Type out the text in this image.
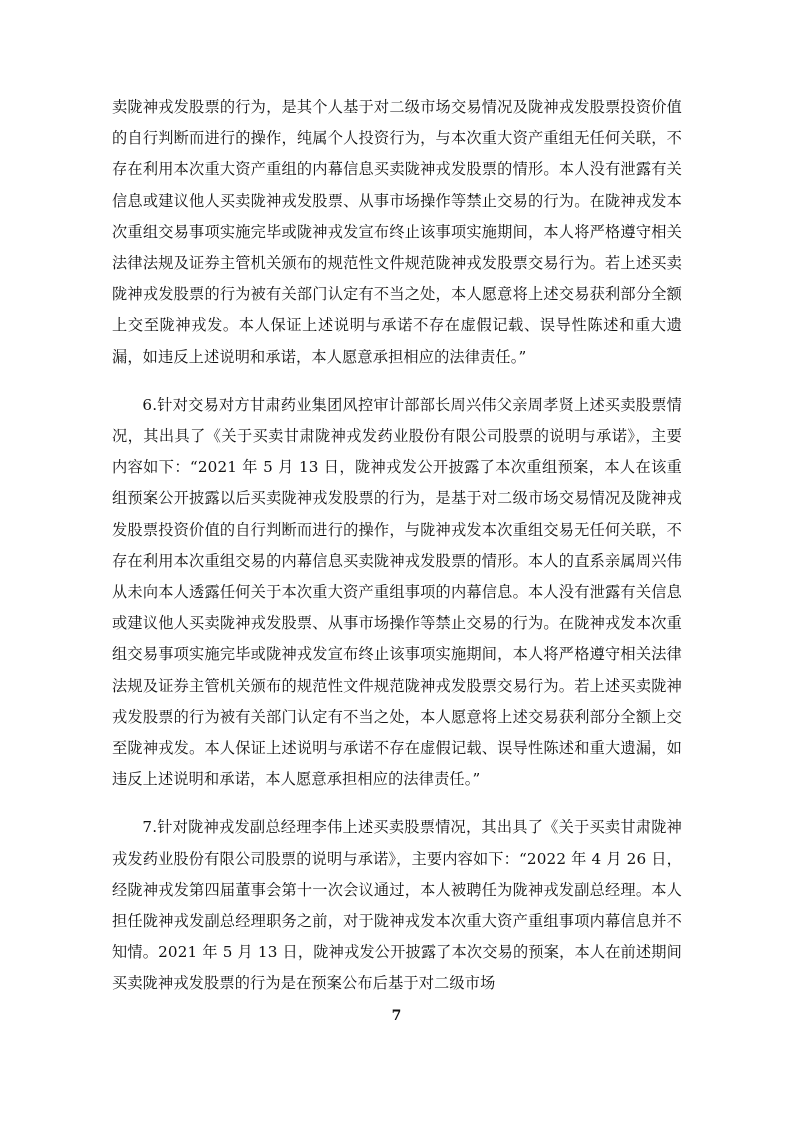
卖陇神戎发股票的行为，是其个人基于对二级市场交易情况及陇神戎发股票投资价值的自行判断而进行的操作，纯属个人投资行为，与本次重大资产重组无任何关联，不存在利用本次重大资产重组的内幕信息买卖陇神戎发股票的情形。本人没有泄露有关信息或建议他人买卖陇神戎发股票、从事市场操作等禁止交易的行为。在陇神戎发本次重组交易事项实施完毕或陇神戎发宣布终止该事项实施期间，本人将严格遵守相关法律法规及证券主管机关颁布的规范性文件规范陇神戎发股票交易行为。若上述买卖陇神戎发股票的行为被有关部门认定有不当之处，本人愿意将上述交易获利部分全额上交至陇神戎发。本人保证上述说明与承诺不存在虚假记载、误导性陈述和重大遗漏，如违反上述说明和承诺，本人愿意承担相应的法律责任。”

6.针对交易对方甘肃药业集团风控审计部部长周兴伟父亲周孝贤上述买卖股票情况，其出具了《关于买卖甘肃陇神戎发药业股份有限公司股票的说明与承诺》，主要内容如下：“2021 年 5 月 13 日，陇神戎发公开披露了本次重组预案，本人在该重组预案公开披露以后买卖陇神戎发股票的行为，是基于对二级市场交易情况及陇神戎发股票投资价值的自行判断而进行的操作，与陇神戎发本次重组交易无任何关联，不存在利用本次重组交易的内幕信息买卖陇神戎发股票的情形。本人的直系亲属周兴伟从未向本人透露任何关于本次重大资产重组事项的内幕信息。本人没有泄露有关信息或建议他人买卖陇神戎发股票、从事市场操作等禁止交易的行为。在陇神戎发本次重组交易事项实施完毕或陇神戎发宣布终止该事项实施期间，本人将严格遵守相关法律法规及证券主管机关颁布的规范性文件规范陇神戎发股票交易行为。若上述买卖陇神戎发股票的行为被有关部门认定有不当之处，本人愿意将上述交易获利部分全额上交至陇神戎发。本人保证上述说明与承诺不存在虚假记载、误导性陈述和重大遗漏，如违反上述说明和承诺，本人愿意承担相应的法律责任。”

7.针对陇神戎发副总经理李伟上述买卖股票情况，其出具了《关于买卖甘肃陇神戎发药业股份有限公司股票的说明与承诺》，主要内容如下：“2022 年 4 月 26 日，经陇神戎发第四届董事会第十一次会议通过，本人被聘任为陇神戎发副总经理。本人担任陇神戎发副总经理职务之前，对于陇神戎发本次重大资产重组事项内幕信息并不知情。2021 年 5 月 13 日，陇神戎发公开披露了本次交易的预案，本人在前述期间买卖陇神戎发股票的行为是在预案公布后基于对二级市场

7
